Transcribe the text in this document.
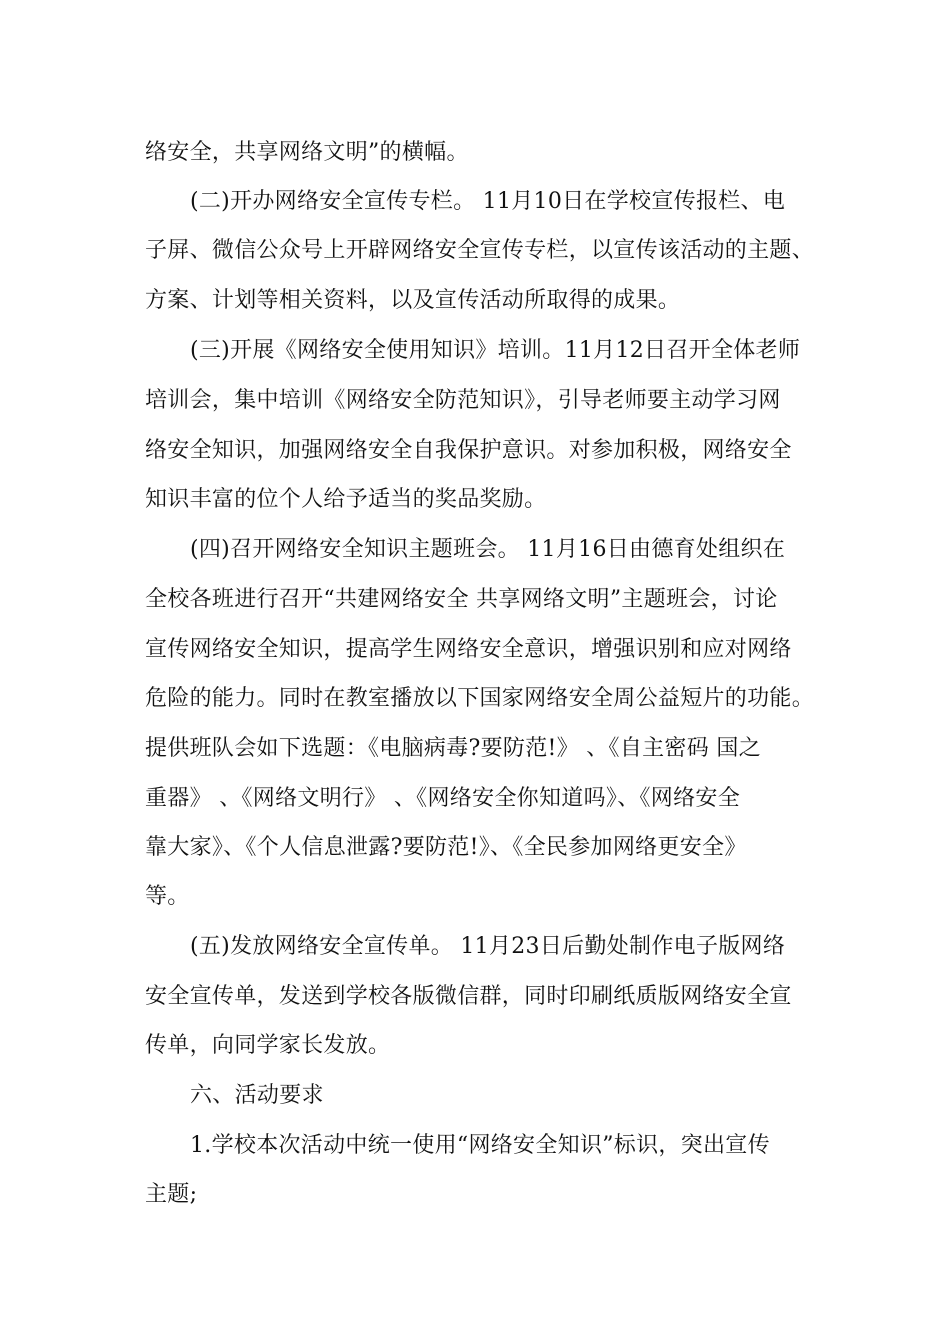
络安全，共享网络文明”的横幅。
(二)开办网络安全宣传专栏。 11月10日在学校宣传报栏、电
子屏、微信公众号上开辟网络安全宣传专栏，以宣传该活动的主题、
方案、计划等相关资料，以及宣传活动所取得的成果。
(三)开展《网络安全使用知识》培训。11月12日召开全体老师
培训会，集中培训《网络安全防范知识》，引导老师要主动学习网
络安全知识，加强网络安全自我保护意识。对参加积极，网络安全
知识丰富的位个人给予适当的奖品奖励。
(四)召开网络安全知识主题班会。 11月16日由德育处组织在
全校各班进行召开“共建网络安全 共享网络文明”主题班会，讨论
宣传网络安全知识，提高学生网络安全意识，增强识别和应对网络
危险的能力。同时在教室播放以下国家网络安全周公益短片的功能。
提供班队会如下选题：《电脑病毒?要防范!》 、《自主密码 国之
重器》 、《网络文明行》 、《网络安全你知道吗》、《网络安全
靠大家》、《个人信息泄露?要防范!》、《全民参加网络更安全》
等。
(五)发放网络安全宣传单。 11月23日后勤处制作电子版网络
安全宣传单，发送到学校各版微信群，同时印刷纸质版网络安全宣
传单，向同学家长发放。
六、活动要求
1.学校本次活动中统一使用“网络安全知识”标识，突出宣传
主题;
